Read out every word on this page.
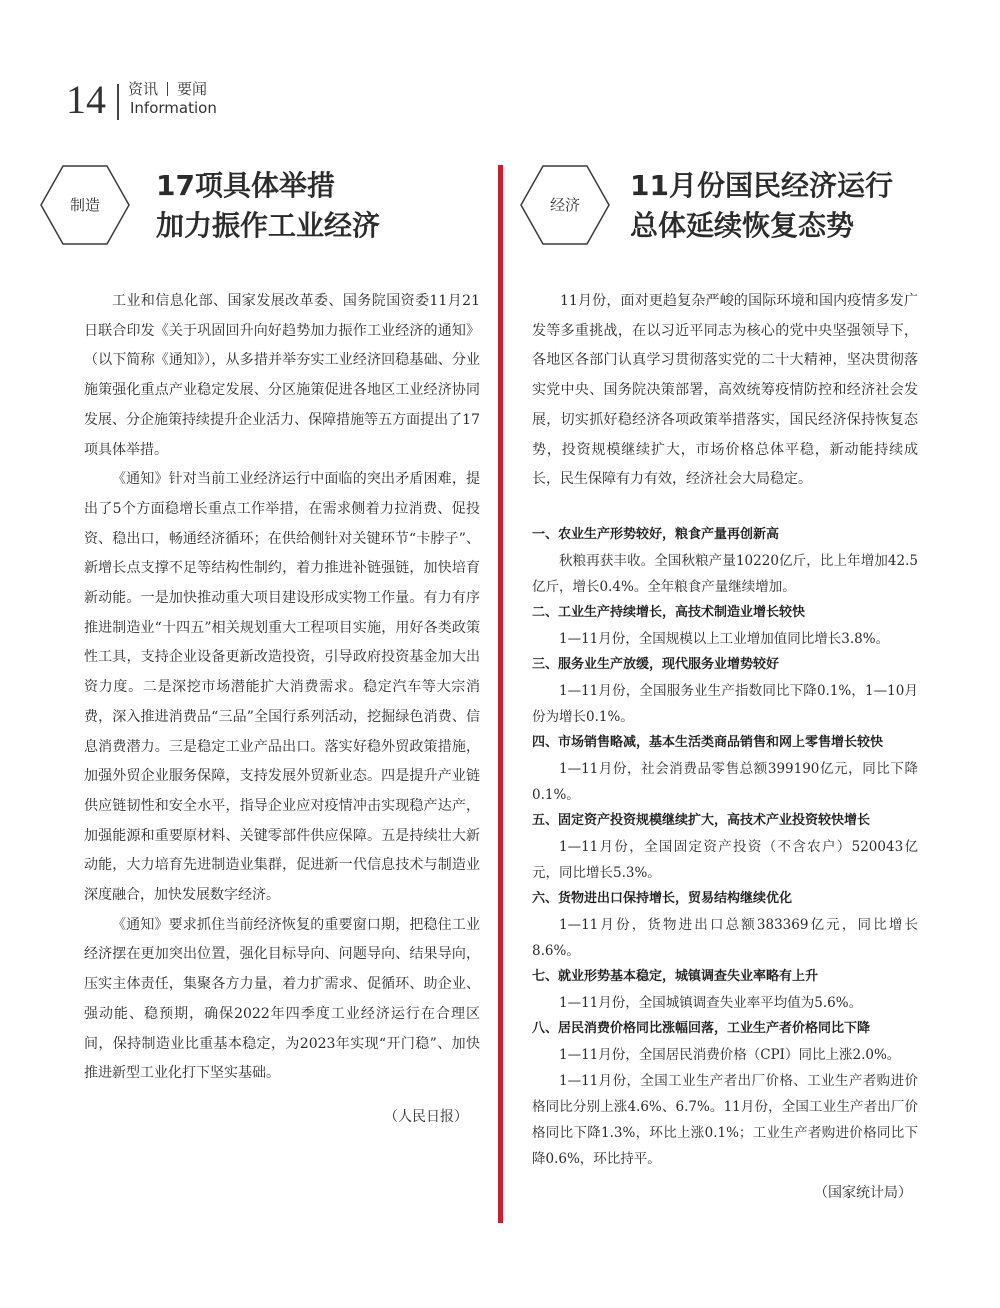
14 资讯 要闻
Information
制造
17项具体举措
加力振作工业经济

工业和信息化部、国家发展改革委、国务院国资委11月21日联合印发《关于巩固回升向好趋势加力振作工业经济的通知》（以下简称《通知》），从多措并举夯实工业经济回稳基础、分业施策强化重点产业稳定发展、分区施策促进各地区工业经济协同发展、分企施策持续提升企业活力、保障措施等五方面提出了17项具体举措。

《通知》针对当前工业经济运行中面临的突出矛盾困难，提出了5个方面稳增长重点工作举措，在需求侧着力拉消费、促投资、稳出口，畅通经济循环；在供给侧针对关键环节“卡脖子”、新增长点支撑不足等结构性制约，着力推进补链强链，加快培育新动能。一是加快推动重大项目建设形成实物工作量。有力有序推进制造业“十四五”相关规划重大工程项目实施，用好各类政策性工具，支持企业设备更新改造投资，引导政府投资基金加大出资力度。二是深挖市场潜能扩大消费需求。稳定汽车等大宗消费，深入推进消费品“三品”全国行系列活动，挖掘绿色消费、信息消费潜力。三是稳定工业产品出口。落实好稳外贸政策措施，加强外贸企业服务保障，支持发展外贸新业态。四是提升产业链供应链韧性和安全水平，指导企业应对疫情冲击实现稳产达产，加强能源和重要原材料、关键零部件供应保障。五是持续壮大新动能，大力培育先进制造业集群，促进新一代信息技术与制造业深度融合，加快发展数字经济。

《通知》要求抓住当前经济恢复的重要窗口期，把稳住工业经济摆在更加突出位置，强化目标导向、问题导向、结果导向，压实主体责任，集聚各方力量，着力扩需求、促循环、助企业、强动能、稳预期，确保2022年四季度工业经济运行在合理区间，保持制造业比重基本稳定，为2023年实现“开门稳”、加快推进新型工业化打下坚实基础。

（人民日报）
经济
11月份国民经济运行
总体延续恢复态势

11月份，面对更趋复杂严峻的国际环境和国内疫情多发广发等多重挑战，在以习近平同志为核心的党中央坚强领导下，各地区各部门认真学习贯彻落实党的二十大精神，坚决贯彻落实党中央、国务院决策部署，高效统筹疫情防控和经济社会发展，切实抓好稳经济各项政策举措落实，国民经济保持恢复态势，投资规模继续扩大，市场价格总体平稳，新动能持续成长，民生保障有力有效，经济社会大局稳定。

一、农业生产形势较好，粮食产量再创新高

秋粮再获丰收。全国秋粮产量10220亿斤，比上年增加42.5亿斤，增长0.4%。全年粮食产量继续增加。

二、工业生产持续增长，高技术制造业增长较快

1—11月份，全国规模以上工业增加值同比增长3.8%。

三、服务业生产放缓，现代服务业增势较好

1—11月份，全国服务业生产指数同比下降0.1%，1—10月份为增长0.1%。

四、市场销售略减，基本生活类商品销售和网上零售增长较快

1—11月份，社会消费品零售总额399190亿元，同比下降0.1%。

五、固定资产投资规模继续扩大，高技术产业投资较快增长

1—11月份，全国固定资产投资（不含农户）520043亿元，同比增长5.3%。

六、货物进出口保持增长，贸易结构继续优化

1—11月份，货物进出口总额383369亿元，同比增长8.6%。

七、就业形势基本稳定，城镇调查失业率略有上升

1—11月份，全国城镇调查失业率平均值为5.6%。

八、居民消费价格同比涨幅回落，工业生产者价格同比下降

1—11月份，全国居民消费价格（CPI）同比上涨2.0%。

1—11月份，全国工业生产者出厂价格、工业生产者购进价格同比分别上涨4.6%、6.7%。11月份，全国工业生产者出厂价格同比下降1.3%，环比上涨0.1%；工业生产者购进价格同比下降0.6%，环比持平。

（国家统计局）
